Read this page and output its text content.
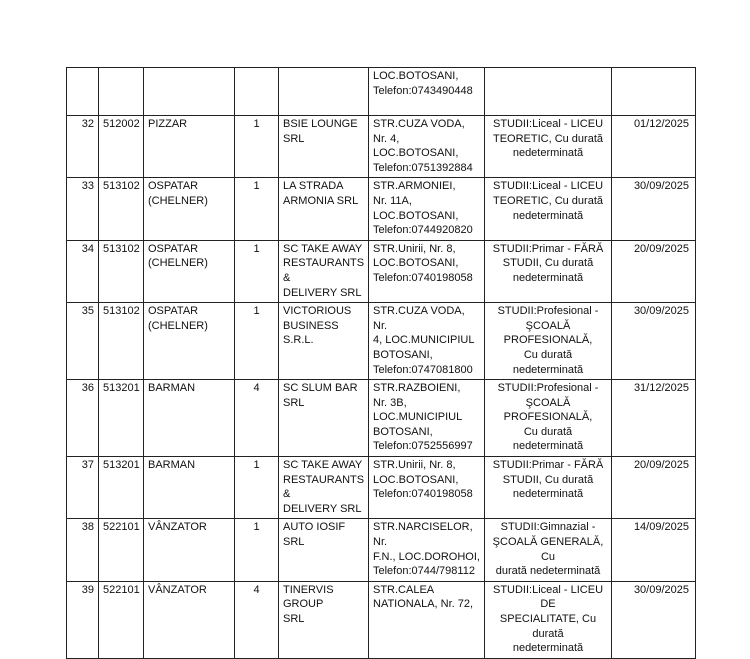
					LOC.BOTOSANI,
Telefon:0743490448		
32	512002	PIZZAR	1	BSIE LOUNGE SRL	STR.CUZA VODA,
Nr. 4, LOC.BOTOSANI,
Telefon:0751392884	STUDII:Liceal - LICEU
TEORETIC, Cu durată
nedeterminată	01/12/2025
33	513102	OSPATAR
(CHELNER)	1	LA STRADA
ARMONIA SRL	STR.ARMONIEI,
Nr. 11A,
LOC.BOTOSANI,
Telefon:0744920820	STUDII:Liceal - LICEU
TEORETIC, Cu durată
nedeterminată	30/09/2025
34	513102	OSPATAR
(CHELNER)	1	SC TAKE AWAY
RESTAURANTS &
DELIVERY SRL	STR.Unirii, Nr. 8,
LOC.BOTOSANI,
Telefon:0740198058	STUDII:Primar - FĂRĂ
STUDII, Cu durată
nedeterminată	20/09/2025
35	513102	OSPATAR
(CHELNER)	1	VICTORIOUS
BUSINESS S.R.L.	STR.CUZA VODA, Nr.
4, LOC.MUNICIPIUL
BOTOSANI,
Telefon:0747081800	STUDII:Profesional -
ŞCOALĂ PROFESIONALĂ,
Cu durată nedeterminată	30/09/2025
36	513201	BARMAN	4	SC SLUM BAR SRL	STR.RAZBOIENI,
Nr. 3B,
LOC.MUNICIPIUL
BOTOSANI,
Telefon:0752556997	STUDII:Profesional -
ŞCOALĂ PROFESIONALĂ,
Cu durată nedeterminată	31/12/2025
37	513201	BARMAN	1	SC TAKE AWAY
RESTAURANTS &
DELIVERY SRL	STR.Unirii, Nr. 8,
LOC.BOTOSANI,
Telefon:0740198058	STUDII:Primar - FĂRĂ
STUDII, Cu durată
nedeterminată	20/09/2025
38	522101	VÂNZATOR	1	AUTO IOSIF SRL	STR.NARCISELOR, Nr.
F.N., LOC.DOROHOI,
Telefon:0744/798112	STUDII:Gimnazial -
ŞCOALĂ GENERALĂ, Cu
durată nedeterminată	14/09/2025
39	522101	VÂNZATOR	4	TINERVIS GROUP
SRL	STR.CALEA
NATIONALA, Nr. 72,	STUDII:Liceal - LICEU DE
SPECIALITATE, Cu durată
nedeterminată	30/09/2025
